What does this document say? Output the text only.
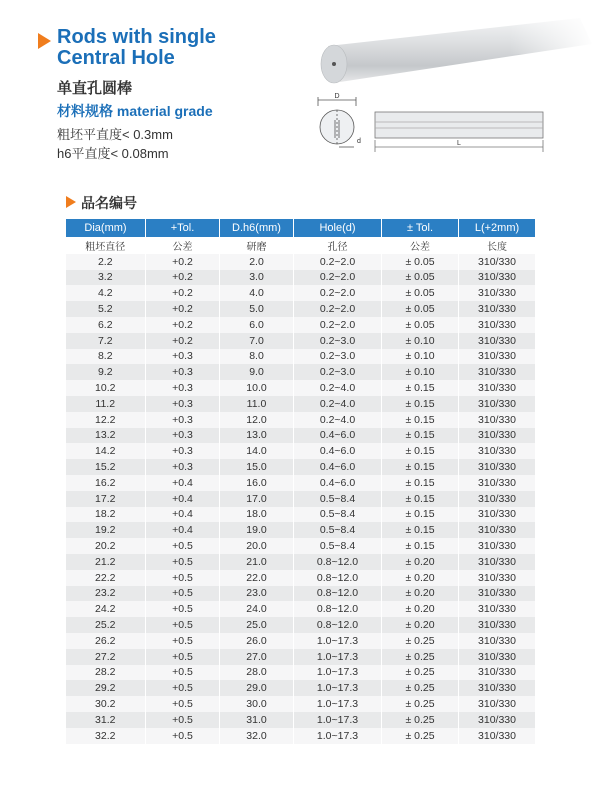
Rods with single
Central Hole
单直孔圆棒
材料规格 material grade
粗坯平直度< 0.3mm
h6平直度< 0.08mm
D
d	L
品名编号
Dia(mm)	+Tol.	D.h6(mm)	Hole(d)	± Tol.	L(+2mm)
粗坯直径	公差	研磨	孔径	公差	长度
2.2	+0.2	2.0	0.2~2.0	± 0.05	310/330
3.2	+0.2	3.0	0.2~2.0	± 0.05	310/330
4.2	+0.2	4.0	0.2~2.0	± 0.05	310/330
5.2	+0.2	5.0	0.2~2.0	± 0.05	310/330
6.2	+0.2	6.0	0.2~2.0	± 0.05	310/330
7.2	+0.2	7.0	0.2~3.0	± 0.10	310/330
8.2	+0.3	8.0	0.2~3.0	± 0.10	310/330
9.2	+0.3	9.0	0.2~3.0	± 0.10	310/330
10.2	+0.3	10.0	0.2~4.0	± 0.15	310/330
11.2	+0.3	11.0	0.2~4.0	± 0.15	310/330
12.2	+0.3	12.0	0.2~4.0	± 0.15	310/330
13.2	+0.3	13.0	0.4~6.0	± 0.15	310/330
14.2	+0.3	14.0	0.4~6.0	± 0.15	310/330
15.2	+0.3	15.0	0.4~6.0	± 0.15	310/330
16.2	+0.4	16.0	0.4~6.0	± 0.15	310/330
17.2	+0.4	17.0	0.5~8.4	± 0.15	310/330
18.2	+0.4	18.0	0.5~8.4	± 0.15	310/330
19.2	+0.4	19.0	0.5~8.4	± 0.15	310/330
20.2	+0.5	20.0	0.5~8.4	± 0.15	310/330
21.2	+0.5	21.0	0.8~12.0	± 0.20	310/330
22.2	+0.5	22.0	0.8~12.0	± 0.20	310/330
23.2	+0.5	23.0	0.8~12.0	± 0.20	310/330
24.2	+0.5	24.0	0.8~12.0	± 0.20	310/330
25.2	+0.5	25.0	0.8~12.0	± 0.20	310/330
26.2	+0.5	26.0	1.0~17.3	± 0.25	310/330
27.2	+0.5	27.0	1.0~17.3	± 0.25	310/330
28.2	+0.5	28.0	1.0~17.3	± 0.25	310/330
29.2	+0.5	29.0	1.0~17.3	± 0.25	310/330
30.2	+0.5	30.0	1.0~17.3	± 0.25	310/330
31.2	+0.5	31.0	1.0~17.3	± 0.25	310/330
32.2	+0.5	32.0	1.0~17.3	± 0.25	310/330
